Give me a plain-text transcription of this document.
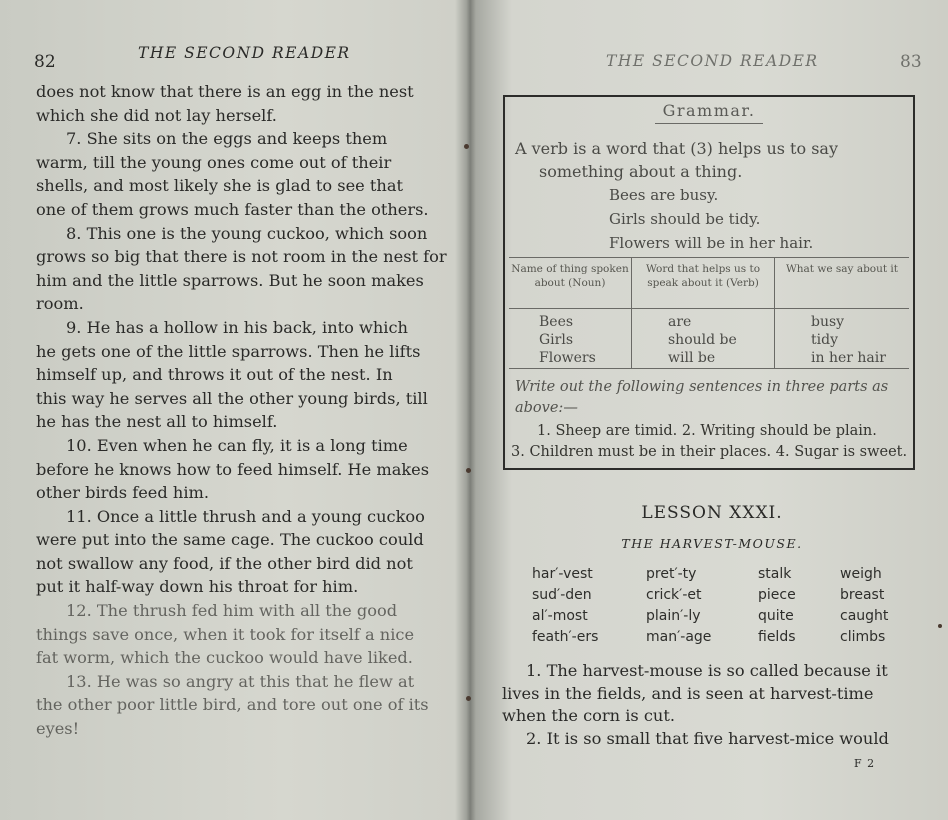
82	THE SECOND READER

does not know that there is an egg in the nest

which she did not lay herself.

7. She sits on the eggs and keeps them

warm, till the young ones come out of their

shells, and most likely she is glad to see that

one of them grows much faster than the others.

8. This one is the young cuckoo, which soon

grows so big that there is not room in the nest for

him and the little sparrows. But he soon makes

room.

9. He has a hollow in his back, into which

he gets one of the little sparrows. Then he lifts

himself up, and throws it out of the nest. In

this way he serves all the other young birds, till

he has the nest all to himself.

10. Even when he can fly, it is a long time

before he knows how to feed himself. He makes

other birds feed him.

11. Once a little thrush and a young cuckoo

were put into the same cage. The cuckoo could

not swallow any food, if the other bird did not

put it half-way down his throat for him.

12. The thrush fed him with all the good

things save once, when it took for itself a nice

fat worm, which the cuckoo would have liked.

13. He was so angry at this that he flew at

the other poor little bird, and tore out one of its

eyes!

THE SECOND READER	83
Grammar.
A verb is a word that (3) helps us to say
something about a thing.
Bees are busy.
Girls should be tidy.
Flowers will be in her hair.
Name of thing spoken about (Noun)
Bees
Girls
Flowers
Word that helps us to speak about it (Verb)
are
should be
will be
What we say about it
busy
tidy
in her hair
Write out the following sentences in three parts as
above:—
1. Sheep are timid. 2. Writing should be plain.
3. Children must be in their places. 4. Sugar is sweet.
LESSON XXXI.
THE HARVEST-MOUSE.
har′-vest
sud′-den
al′-most
feath′-ers
pret′-ty
crick′-et
plain′-ly
man′-age
stalk
piece
quite
fields
weigh
breast
caught
climbs

1. The harvest-mouse is so called because it

lives in the fields, and is seen at harvest-time

when the corn is cut.

2. It is so small that five harvest-mice would

F 2
